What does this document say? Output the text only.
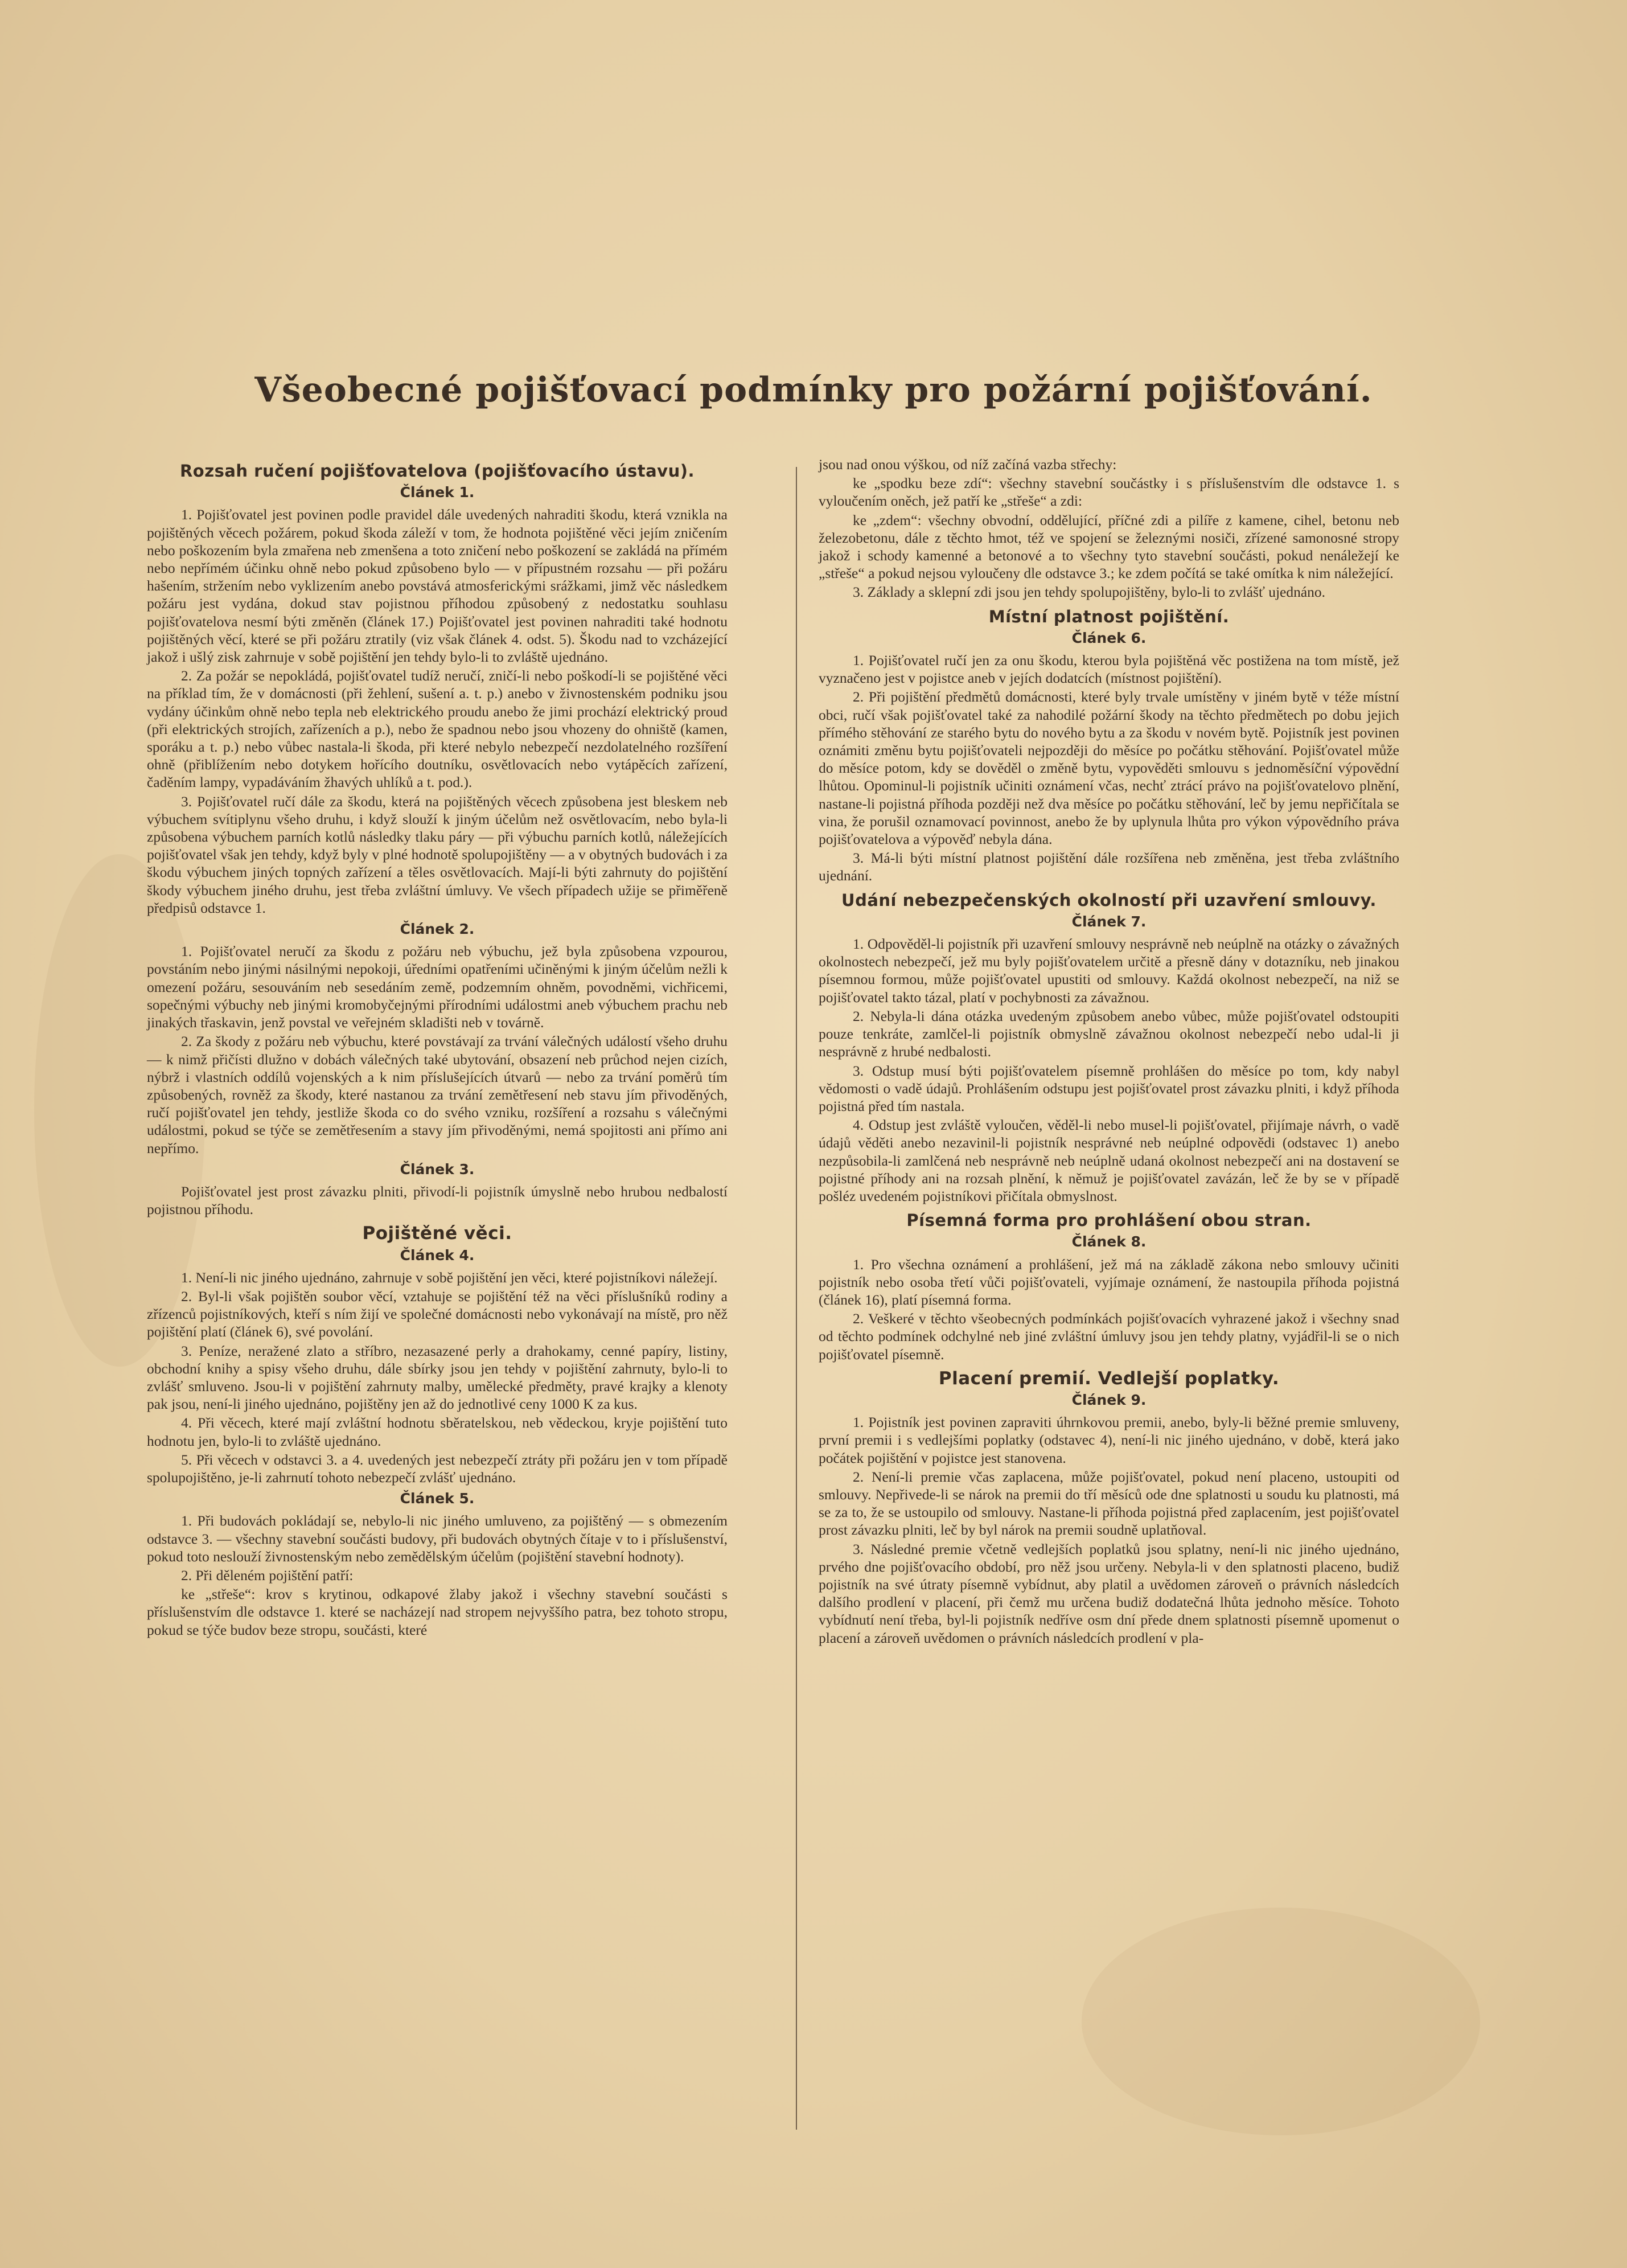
Všeobecné pojišťovací podmínky pro požární pojišťování.
Rozsah ručení pojišťovatelova (pojišťovacího ústavu).
Článek 1.

1. Pojišťovatel jest povinen podle pravidel dále uvedených nahraditi škodu, která vznikla na pojištěných věcech požárem, pokud škoda záleží v tom, že hodnota pojištěné věci jejím zničením nebo poškozením byla zmařena neb zmenšena a toto zničení nebo poškození se zakládá na přímém nebo nepřímém účinku ohně nebo pokud způsobeno bylo — v přípustném rozsahu — při požáru hašením, stržením nebo vyklizením anebo povstává atmosferickými srážkami, jimž věc následkem požáru jest vydána, dokud stav pojistnou příhodou způsobený z nedostatku souhlasu pojišťovatelova nesmí býti změněn (článek 17.) Pojišťovatel jest povinen nahraditi také hodnotu pojištěných věcí, které se při požáru ztratily (viz však článek 4. odst. 5). Škodu nad to vzcházející jakož i ušlý zisk zahrnuje v sobě pojištění jen tehdy bylo-li to zvláště ujednáno.

2. Za požár se nepokládá, pojišťovatel tudíž neručí, zničí-li nebo poškodí-li se pojištěné věci na příklad tím, že v domácnosti (při žehlení, sušení a. t. p.) anebo v živnostenském podniku jsou vydány účinkům ohně nebo tepla neb elektrického proudu anebo že jimi prochází elektrický proud (při elektrických strojích, zařízeních a p.), nebo že spadnou nebo jsou vhozeny do ohniště (kamen, sporáku a t. p.) nebo vůbec nastala-li škoda, při které nebylo nebezpečí nezdolatelného rozšíření ohně (přiblížením nebo dotykem hořícího doutníku, osvětlovacích nebo vytápěcích zařízení, čaděním lampy, vypadáváním žhavých uhlíků a t. pod.).

3. Pojišťovatel ručí dále za škodu, která na pojištěných věcech způsobena jest bleskem neb výbuchem svítiplynu všeho druhu, i když slouží k jiným účelům než osvětlovacím, nebo byla-li způsobena výbuchem parních kotlů následky tlaku páry — při výbuchu parních kotlů, náležejících pojišťovatel však jen tehdy, když byly v plné hodnotě spolupojištěny — a v obytných budovách i za škodu výbuchem jiných topných zařízení a těles osvětlovacích. Mají-li býti zahrnuty do pojištění škody výbuchem jiného druhu, jest třeba zvláštní úmluvy. Ve všech případech užije se přiměřeně předpisů odstavce 1.

Článek 2.

1. Pojišťovatel neručí za škodu z požáru neb výbuchu, jež byla způsobena vzpourou, povstáním nebo jinými násilnými nepokoji, úředními opatřeními učiněnými k jiným účelům nežli k omezení požáru, sesouváním neb sesedáním země, podzemním ohněm, povodněmi, vichřicemi, sopečnými výbuchy neb jinými kromobyčejnými přírodními událostmi aneb výbuchem prachu neb jinakých třaskavin, jenž povstal ve veřejném skladišti neb v továrně.

2. Za škody z požáru neb výbuchu, které povstávají za trvání válečných událostí všeho druhu — k nimž přičísti dlužno v dobách válečných také ubytování, obsazení neb průchod nejen cizích, nýbrž i vlastních oddílů vojenských a k nim příslušejících útvarů — nebo za trvání poměrů tím způsobených, rovněž za škody, které nastanou za trvání zemětřesení neb stavu jím přivoděných, ručí pojišťovatel jen tehdy, jestliže škoda co do svého vzniku, rozšíření a rozsahu s válečnými událostmi, pokud se týče se zemětřesením a stavy jím přivoděnými, nemá spojitosti ani přímo ani nepřímo.

Článek 3.

Pojišťovatel jest prost závazku plniti, přivodí-li pojistník úmyslně nebo hrubou nedbalostí pojistnou příhodu.

Pojištěné věci.
Článek 4.

1. Není-li nic jiného ujednáno, zahrnuje v sobě pojištění jen věci, které pojistníkovi náležejí.

2. Byl-li však pojištěn soubor věcí, vztahuje se pojištění též na věci příslušníků rodiny a zřízenců pojistníkových, kteří s ním žijí ve společné domácnosti nebo vykonávají na místě, pro něž pojištění platí (článek 6), své povolání.

3. Peníze, neražené zlato a stříbro, nezasazené perly a drahokamy, cenné papíry, listiny, obchodní knihy a spisy všeho druhu, dále sbírky jsou jen tehdy v pojištění zahrnuty, bylo-li to zvlášť smluveno. Jsou-li v pojištění zahrnuty malby, umělecké předměty, pravé krajky a klenoty pak jsou, není-li jiného ujednáno, pojištěny jen až do jednotlivé ceny 1000 K za kus.

4. Při věcech, které mají zvláštní hodnotu sběratelskou, neb vědeckou, kryje pojištění tuto hodnotu jen, bylo-li to zvláště ujednáno.

5. Při věcech v odstavci 3. a 4. uvedených jest nebezpečí ztráty při požáru jen v tom případě spolupojištěno, je-li zahrnutí tohoto nebezpečí zvlášť ujednáno.

Článek 5.

1. Při budovách pokládají se, nebylo-li nic jiného umluveno, za pojištěný — s obmezením odstavce 3. — všechny stavební součásti budovy, při budovách obytných čítaje v to i příslušenství, pokud toto neslouží živnostenským nebo zemědělským účelům (pojištění stavební hodnoty).

2. Při děleném pojištění patří:

ke „střeše“: krov s krytinou, odkapové žlaby jakož i všechny stavební součásti s příslušenstvím dle odstavce 1. které se nacházejí nad stropem nejvyššího patra, bez tohoto stropu, pokud se týče budov beze stropu, součásti, které

jsou nad onou výškou, od níž začíná vazba střechy:

ke „spodku beze zdí“: všechny stavební součástky i s příslušenstvím dle odstavce 1. s vyloučením oněch, jež patří ke „střeše“ a zdi:

ke „zdem“: všechny obvodní, oddělující, příčné zdi a pilíře z kamene, cihel, betonu neb železobetonu, dále z těchto hmot, též ve spojení se železnými nosiči, zřízené samonosné stropy jakož i schody kamenné a betonové a to všechny tyto stavební součásti, pokud nenáležejí ke „střeše“ a pokud nejsou vyloučeny dle odstavce 3.; ke zdem počítá se také omítka k nim náležející.

3. Základy a sklepní zdi jsou jen tehdy spolupojištěny, bylo-li to zvlášť ujednáno.

Místní platnost pojištění.
Článek 6.

1. Pojišťovatel ručí jen za onu škodu, kterou byla pojištěná věc postižena na tom místě, jež vyznačeno jest v pojistce aneb v jejích dodatcích (místnost pojištění).

2. Při pojištění předmětů domácnosti, které byly trvale umístěny v jiném bytě v téže místní obci, ručí však pojišťovatel také za nahodilé požární škody na těchto předmětech po dobu jejich přímého stěhování ze starého bytu do nového bytu a za škodu v novém bytě. Pojistník jest povinen oznámiti změnu bytu pojišťovateli nejpozději do měsíce po počátku stěhování. Pojišťovatel může do měsíce potom, kdy se dověděl o změně bytu, vypověděti smlouvu s jednoměsíční výpovědní lhůtou. Opominul-li pojistník učiniti oznámení včas, nechť ztrácí právo na pojišťovatelovo plnění, nastane-li pojistná příhoda později než dva měsíce po počátku stěhování, leč by jemu nepřičítala se vina, že porušil oznamovací povinnost, anebo že by uplynula lhůta pro výkon výpovědního práva pojišťovatelova a výpověď nebyla dána.

3. Má-li býti místní platnost pojištění dále rozšířena neb změněna, jest třeba zvláštního ujednání.

Udání nebezpečenských okolností při uzavření smlouvy.
Článek 7.

1. Odpověděl-li pojistník při uzavření smlouvy nesprávně neb neúplně na otázky o závažných okolnostech nebezpečí, jež mu byly pojišťovatelem určitě a přesně dány v dotazníku, neb jinakou písemnou formou, může pojišťovatel upustiti od smlouvy. Každá okolnost nebezpečí, na niž se pojišťovatel takto tázal, platí v pochybnosti za závažnou.

2. Nebyla-li dána otázka uvedeným způsobem anebo vůbec, může pojišťovatel odstoupiti pouze tenkráte, zamlčel-li pojistník obmyslně závažnou okolnost nebezpečí nebo udal-li ji nesprávně z hrubé nedbalosti.

3. Odstup musí býti pojišťovatelem písemně prohlášen do měsíce po tom, kdy nabyl vědomosti o vadě údajů. Prohlášením odstupu jest pojišťovatel prost závazku plniti, i když příhoda pojistná před tím nastala.

4. Odstup jest zvláště vyloučen, věděl-li nebo musel-li pojišťovatel, přijímaje návrh, o vadě údajů věděti anebo nezavinil-li pojistník nesprávné neb neúplné odpovědi (odstavec 1) anebo nezpůsobila-li zamlčená neb nesprávně neb neúplně udaná okolnost nebezpečí ani na dostavení se pojistné příhody ani na rozsah plnění, k němuž je pojišťovatel zavázán, leč že by se v případě pošléz uvedeném pojistníkovi přičítala obmyslnost.

Písemná forma pro prohlášení obou stran.
Článek 8.

1. Pro všechna oznámení a prohlášení, jež má na základě zákona nebo smlouvy učiniti pojistník nebo osoba třetí vůči pojišťovateli, vyjímaje oznámení, že nastoupila příhoda pojistná (článek 16), platí písemná forma.

2. Veškeré v těchto všeobecných podmínkách pojišťovacích vyhrazené jakož i všechny snad od těchto podmínek odchylné neb jiné zvláštní úmluvy jsou jen tehdy platny, vyjádřil-li se o nich pojišťovatel písemně.

Placení premií. Vedlejší poplatky.
Článek 9.

1. Pojistník jest povinen zapraviti úhrnkovou premii, anebo, byly-li běžné premie smluveny, první premii i s vedlejšími poplatky (odstavec 4), není-li nic jiného ujednáno, v době, která jako počátek pojištění v pojistce jest stanovena.

2. Není-li premie včas zaplacena, může pojišťovatel, pokud není placeno, ustoupiti od smlouvy. Nepřivede-li se nárok na premii do tří měsíců ode dne splatnosti u soudu ku platnosti, má se za to, že se ustoupilo od smlouvy. Nastane-li příhoda pojistná před zaplacením, jest pojišťovatel prost závazku plniti, leč by byl nárok na premii soudně uplatňoval.

3. Následné premie včetně vedlejších poplatků jsou splatny, není-li nic jiného ujednáno, prvého dne pojišťovacího období, pro něž jsou určeny. Nebyla-li v den splatnosti placeno, budiž pojistník na své útraty písemně vybídnut, aby platil a uvědomen zároveň o právních následcích dalšího prodlení v placení, při čemž mu určena budiž dodatečná lhůta jednoho měsíce. Tohoto vybídnutí není třeba, byl-li pojistník nedříve osm dní přede dnem splatnosti písemně upomenut o placení a zároveň uvědomen o právních následcích prodlení v pla-
